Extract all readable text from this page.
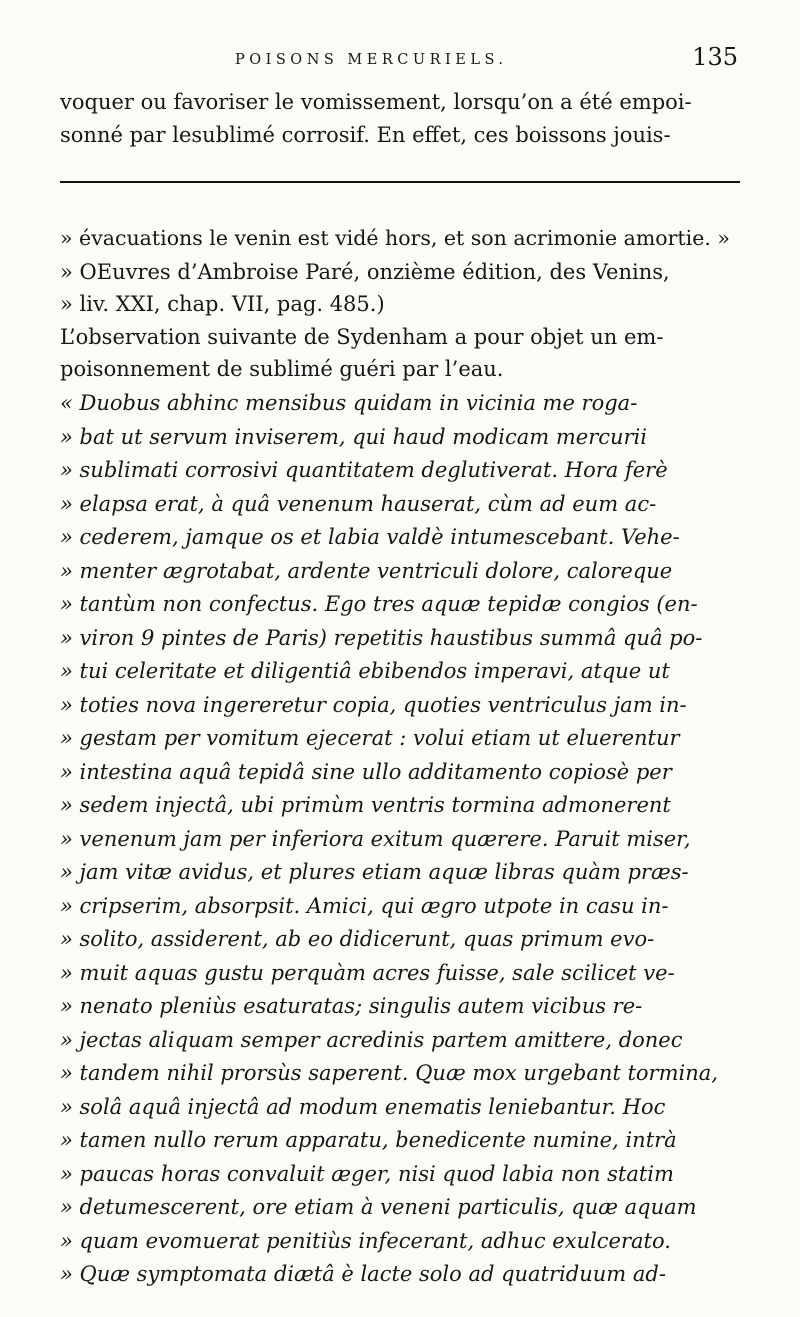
POISONS MERCURIELS.	135
voquer ou favoriser le vomissement, lorsqu’on a été empoi-
sonné par lesublimé corrosif. En effet, ces boissons jouis-
» évacuations le venin est vidé hors, et son acrimonie amortie. »
» OEuvres d’Ambroise Paré, onzième édition, des Venins,
» liv. XXI, chap. VII, pag. 485.)
L’observation suivante de Sydenham a pour objet un em-
poisonnement de sublimé guéri par l’eau.
« Duobus abhinc mensibus quidam in vicinia me roga-
» bat ut servum inviserem, qui haud modicam mercurii
» sublimati corrosivi quantitatem deglutiverat. Hora ferè
» elapsa erat, à quâ venenum hauserat, cùm ad eum ac-
» cederem, jamque os et labia valdè intumescebant. Vehe-
» menter ægrotabat, ardente ventriculi dolore, caloreque
» tantùm non confectus. Ego tres aquæ tepidæ congios (en-
» viron 9 pintes de Paris) repetitis haustibus summâ quâ po-
» tui celeritate et diligentiâ ebibendos imperavi, atque ut
» toties nova ingereretur copia, quoties ventriculus jam in-
» gestam per vomitum ejecerat : volui etiam ut eluerentur
» intestina aquâ tepidâ sine ullo additamento copiosè per
» sedem injectâ, ubi primùm ventris tormina admonerent
» venenum jam per inferiora exitum quærere. Paruit miser,
» jam vitæ avidus, et plures etiam aquæ libras quàm præs-
» cripserim, absorpsit. Amici, qui ægro utpote in casu in-
» solito, assiderent, ab eo didicerunt, quas primum evo-
» muit aquas gustu perquàm acres fuisse, sale scilicet ve-
» nenato pleniùs esaturatas; singulis autem vicibus re-
» jectas aliquam semper acredinis partem amittere, donec
» tandem nihil prorsùs saperent. Quæ mox urgebant tormina,
» solâ aquâ injectâ ad modum enematis leniebantur. Hoc
» tamen nullo rerum apparatu, benedicente numine, intrà
» paucas horas convaluit æger, nisi quod labia non statim
» detumescerent, ore etiam à veneni particulis, quæ aquam
» quam evomuerat penitiùs infecerant, adhuc exulcerato.
» Quæ symptomata diætâ è lacte solo ad quatriduum ad-
